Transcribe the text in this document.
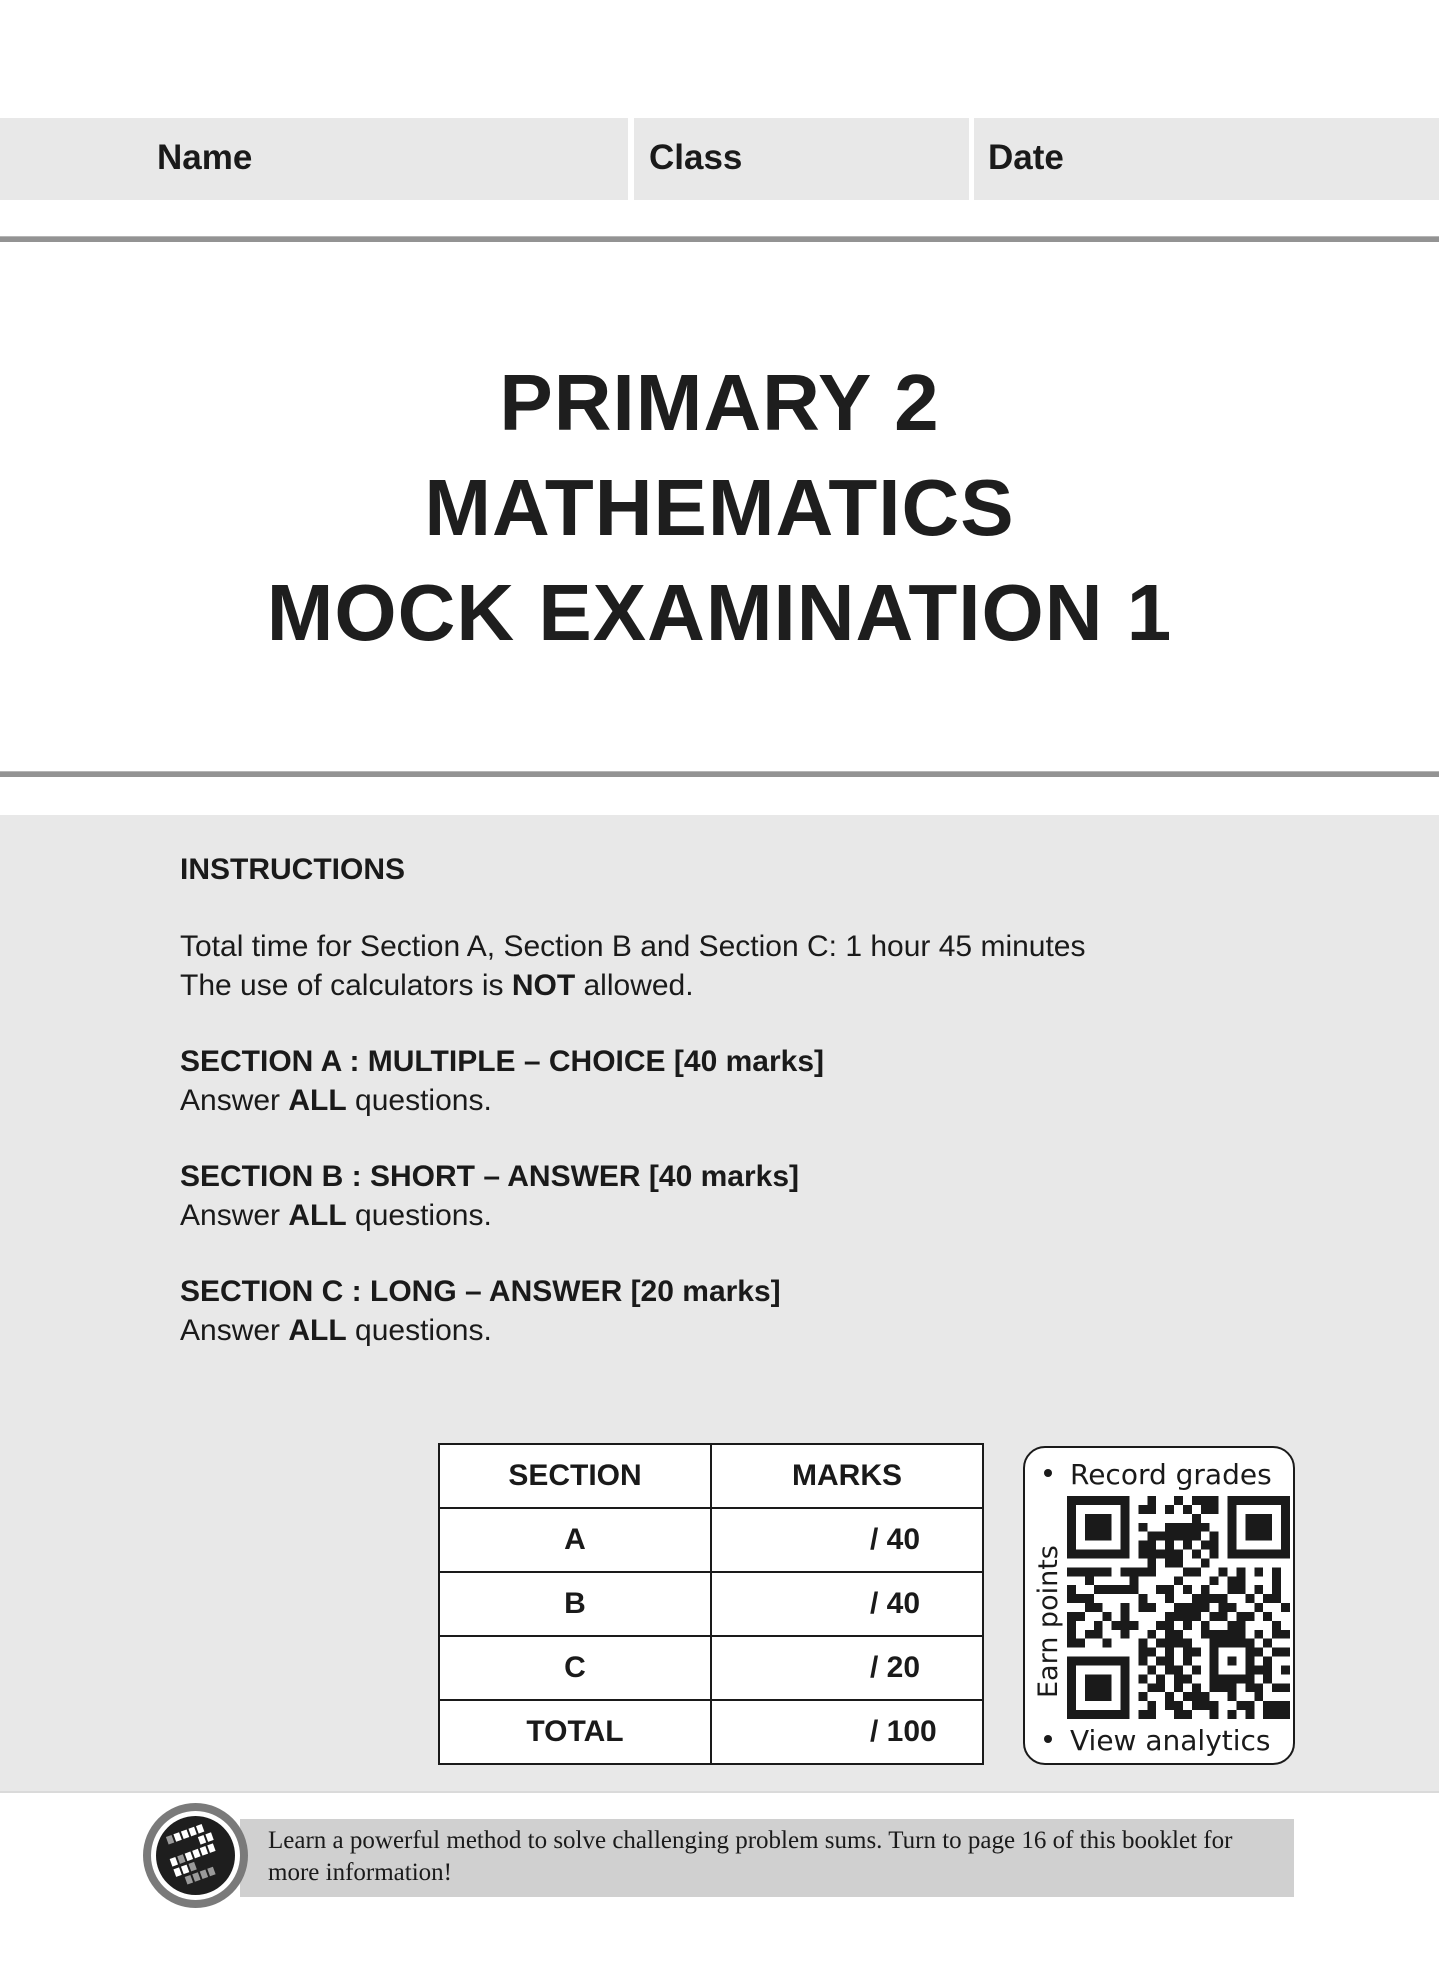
Name	Class	Date
PRIMARY 2
MATHEMATICS
MOCK EXAMINATION 1
INSTRUCTIONS
Total time for Section A, Section B and Section C: 1 hour 45 minutes
The use of calculators is NOT allowed.
SECTION A : MULTIPLE – CHOICE [40 marks]
Answer ALL questions.
SECTION B : SHORT – ANSWER [40 marks]
Answer ALL questions.
SECTION C : LONG – ANSWER [20 marks]
Answer ALL questions.
SECTION	MARKS
A	/ 40
B	/ 40
C	/ 20
TOTAL	/ 100
Record grades
Earn points
View analytics
Learn a powerful method to solve challenging problem sums. Turn to page 16 of this booklet for more information!
